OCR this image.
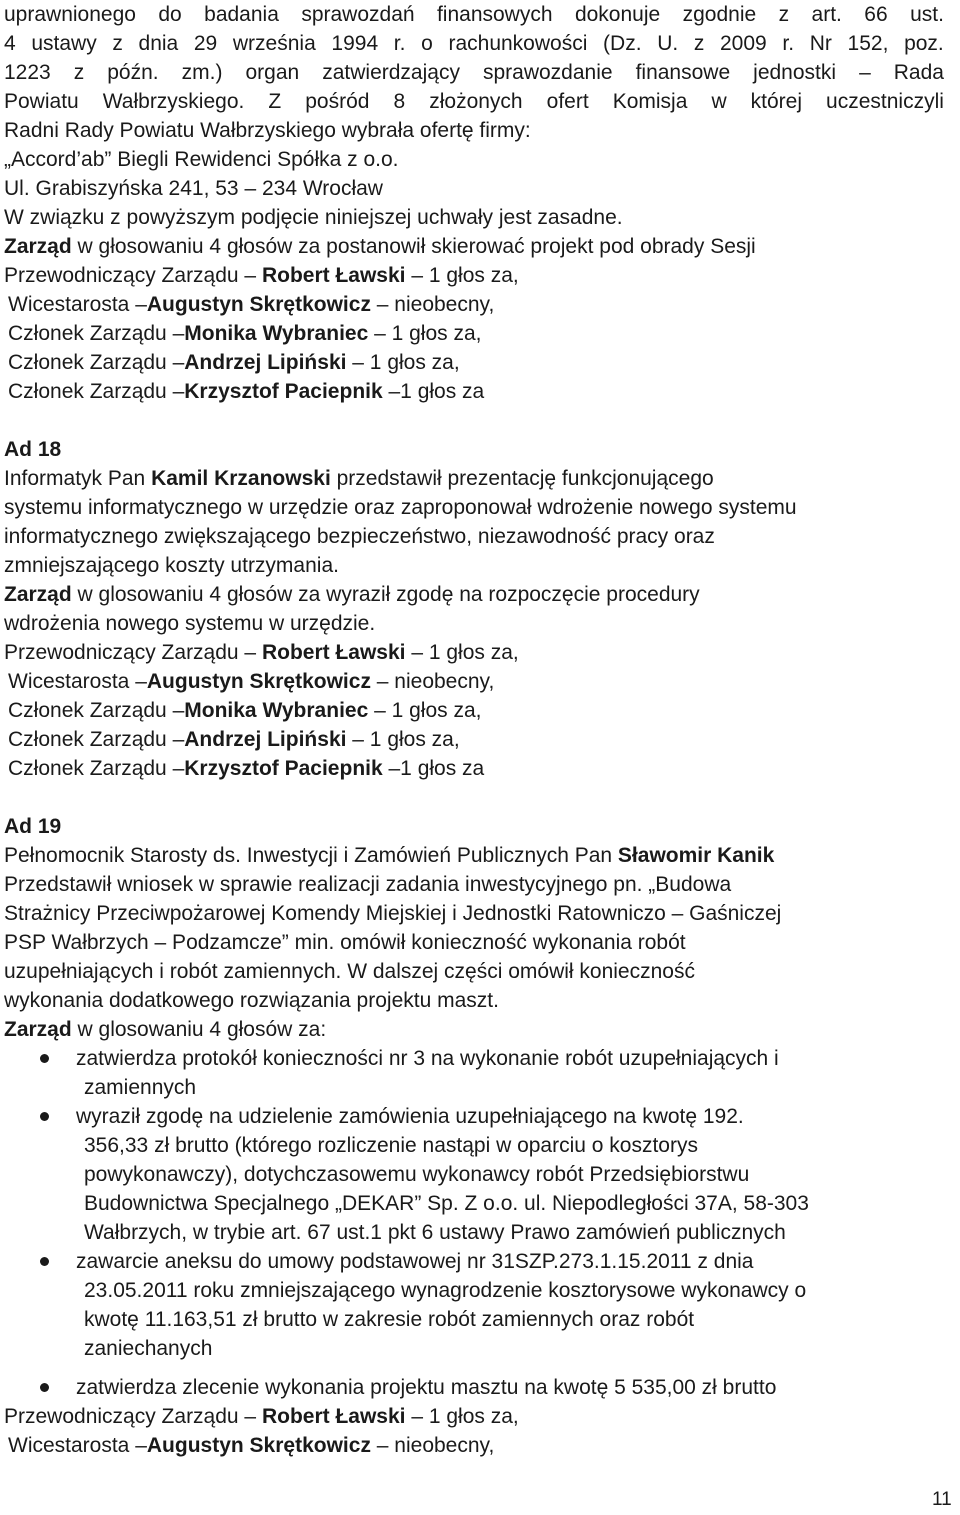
uprawnionego do badania sprawozdań finansowych dokonuje zgodnie z art. 66 ust.
4 ustawy z dnia 29 września 1994 r. o rachunkowości (Dz. U. z 2009 r. Nr 152, poz.
1223 z późn. zm.) organ zatwierdzający sprawozdanie finansowe jednostki – Rada
Powiatu Wałbrzyskiego. Z pośród 8 złożonych ofert Komisja w której uczestniczyli
Radni Rady Powiatu Wałbrzyskiego wybrała ofertę firmy:
„Accord’ab” Biegli Rewidenci Spółka z o.o.
Ul. Grabiszyńska 241, 53 – 234 Wrocław
W związku z powyższym podjęcie niniejszej uchwały jest zasadne.
Zarząd w głosowaniu 4 głosów za postanowił skierować projekt pod obrady Sesji
Przewodniczący Zarządu – Robert Ławski – 1 głos za,
Wicestarosta –Augustyn Skrętkowicz – nieobecny,
Członek Zarządu –Monika Wybraniec – 1 głos za,
Członek Zarządu –Andrzej Lipiński – 1 głos za,
Członek Zarządu –Krzysztof Paciepnik –1 głos za
Ad 18
Informatyk Pan Kamil Krzanowski przedstawił prezentację funkcjonującego
systemu informatycznego w urzędzie oraz zaproponował wdrożenie nowego systemu
informatycznego zwiększającego bezpieczeństwo, niezawodność pracy oraz
zmniejszającego koszty utrzymania.
Zarząd w glosowaniu 4 głosów za wyraził zgodę na rozpoczęcie procedury
wdrożenia nowego systemu w urzędzie.
Przewodniczący Zarządu – Robert Ławski – 1 głos za,
Wicestarosta –Augustyn Skrętkowicz – nieobecny,
Członek Zarządu –Monika Wybraniec – 1 głos za,
Członek Zarządu –Andrzej Lipiński – 1 głos za,
Członek Zarządu –Krzysztof Paciepnik –1 głos za
Ad 19
Pełnomocnik Starosty ds. Inwestycji i Zamówień Publicznych Pan Sławomir Kanik
Przedstawił wniosek w sprawie realizacji zadania inwestycyjnego pn. „Budowa
Strażnicy Przeciwpożarowej Komendy Miejskiej i Jednostki Ratowniczo – Gaśniczej
PSP Wałbrzych – Podzamcze” min. omówił konieczność wykonania robót
uzupełniających i robót zamiennych. W dalszej części omówił konieczność
wykonania dodatkowego rozwiązania projektu maszt.
Zarząd w glosowaniu 4 głosów za:
zatwierdza protokół konieczności nr 3 na wykonanie robót uzupełniających i
zamiennych
wyraził zgodę na udzielenie zamówienia uzupełniającego na kwotę 192.
356,33 zł brutto (którego rozliczenie nastąpi w oparciu o kosztorys
powykonawczy), dotychczasowemu wykonawcy robót Przedsiębiorstwu
Budownictwa Specjalnego „DEKAR” Sp. Z o.o. ul. Niepodległości 37A, 58-303
Wałbrzych, w trybie art. 67 ust.1 pkt 6 ustawy Prawo zamówień publicznych
zawarcie aneksu do umowy podstawowej nr 31SZP.273.1.15.2011 z dnia
23.05.2011 roku zmniejszającego wynagrodzenie kosztorysowe wykonawcy o
kwotę 11.163,51 zł brutto w zakresie robót zamiennych oraz robót
zaniechanych
zatwierdza zlecenie wykonania projektu masztu na kwotę 5 535,00 zł brutto
Przewodniczący Zarządu – Robert Ławski – 1 głos za,
Wicestarosta –Augustyn Skrętkowicz – nieobecny,
11
